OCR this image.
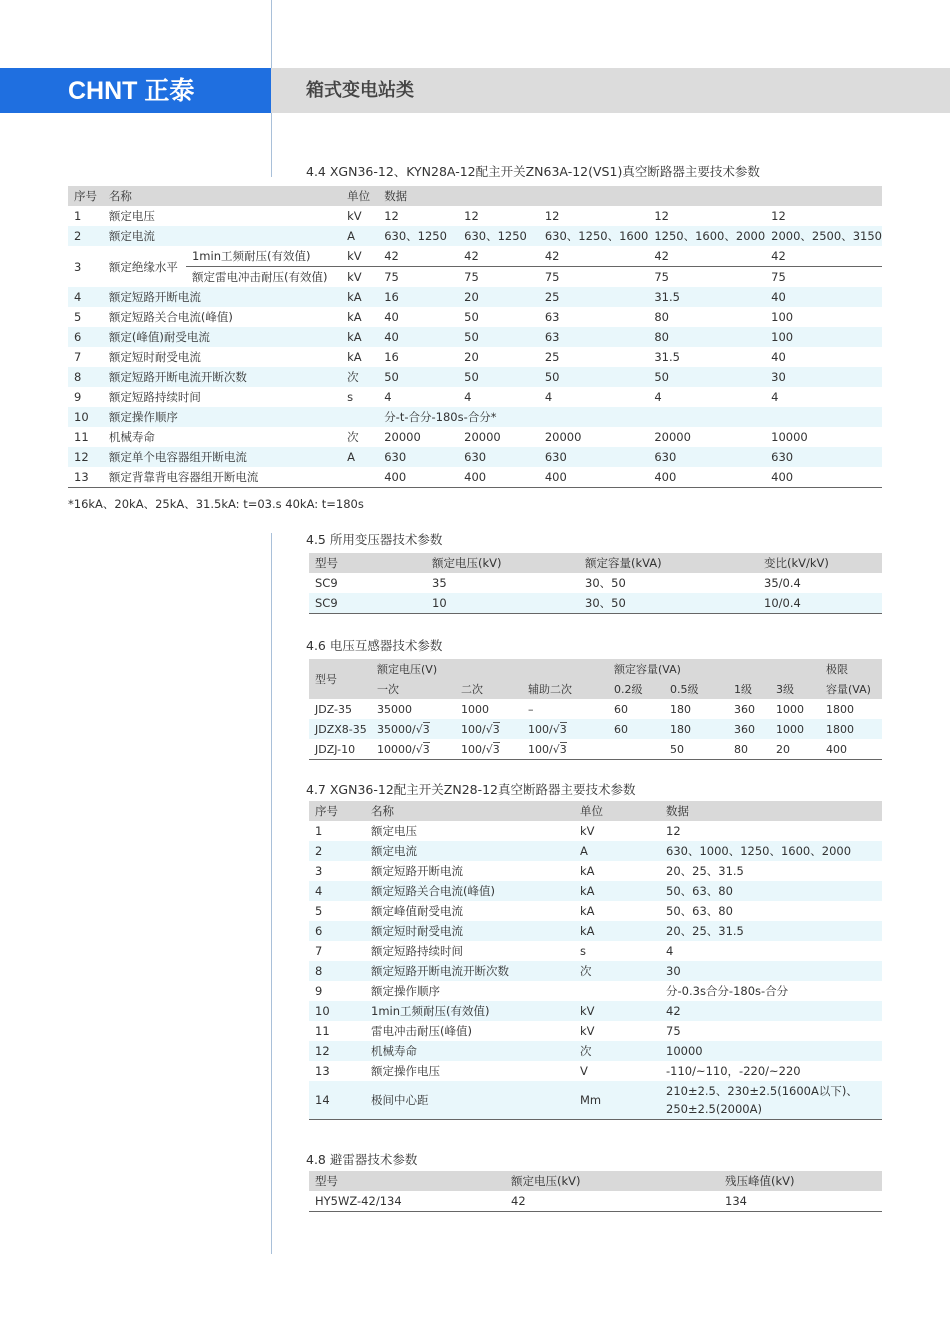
CHNT 正泰	箱式变电站类
4.4 XGN36-12、KYN28A-12配主开关ZN63A-12(VS1)真空断路器主要技术参数
序号	名称		单位	数据				
1	额定电压		kV	12	12	12	12	12
2	额定电流		A	630、1250	630、1250	630、1250、1600	1250、1600、2000	2000、2500、3150
3	额定绝缘水平	1min工频耐压(有效值)	kV	42	42	42	42	42
		额定雷电冲击耐压(有效值)	kV	75	75	75	75	75
4	额定短路开断电流		kA	16	20	25	31.5	40
5	额定短路关合电流(峰值)		kA	40	50	63	80	100
6	额定(峰值)耐受电流		kA	40	50	63	80	100
7	额定短时耐受电流		kA	16	20	25	31.5	40
8	额定短路开断电流开断次数		次	50	50	50	50	30
9	额定短路持续时间		s	4	4	4	4	4
10	额定操作顺序			分-t-合分-180s-合分*				
11	机械寿命		次	20000	20000	20000	20000	10000
12	额定单个电容器组开断电流		A	630	630	630	630	630
13	额定背靠背电容器组开断电流			400	400	400	400	400
*16kA、20kA、25kA、31.5kA: t=03.s 40kA: t=180s
4.5 所用变压器技术参数
型号	额定电压(kV)	额定容量(kVA)	变比(kV/kV)
SC9	35	30、50	35/0.4
SC9	10	30、50	10/0.4
4.6 电压互感器技术参数
型号	额定电压(V)			额定容量(VA)				极限
	一次	二次	辅助二次	0.2级	0.5级	1级	3级	容量(VA)
JDZ-35	35000	1000	–	60	180	360	1000	1800
JDZX8-35	35000/√3	100/√3	100/√3	60	180	360	1000	1800
JDZJ-10	10000/√3	100/√3	100/√3		50	80	20	400
4.7 XGN36-12配主开关ZN28-12真空断路器主要技术参数
序号	名称	单位	数据
1	额定电压	kV	12
2	额定电流	A	630、1000、1250、1600、2000
3	额定短路开断电流	kA	20、25、31.5
4	额定短路关合电流(峰值)	kA	50、63、80
5	额定峰值耐受电流	kA	50、63、80
6	额定短时耐受电流	kA	20、25、31.5
7	额定短路持续时间	s	4
8	额定短路开断电流开断次数	次	30
9	额定操作顺序		分-0.3s合分-180s-合分
10	1min工频耐压(有效值)	kV	42
11	雷电冲击耐压(峰值)	kV	75
12	机械寿命	次	10000
13	额定操作电压	V	-110/~110，-220/~220
14	极间中心距	Mm	210±2.5、230±2.5(1600A以下)、250±2.5(2000A)
4.8 避雷器技术参数
型号	额定电压(kV)	残压峰值(kV)
HY5WZ-42/134	42	134
